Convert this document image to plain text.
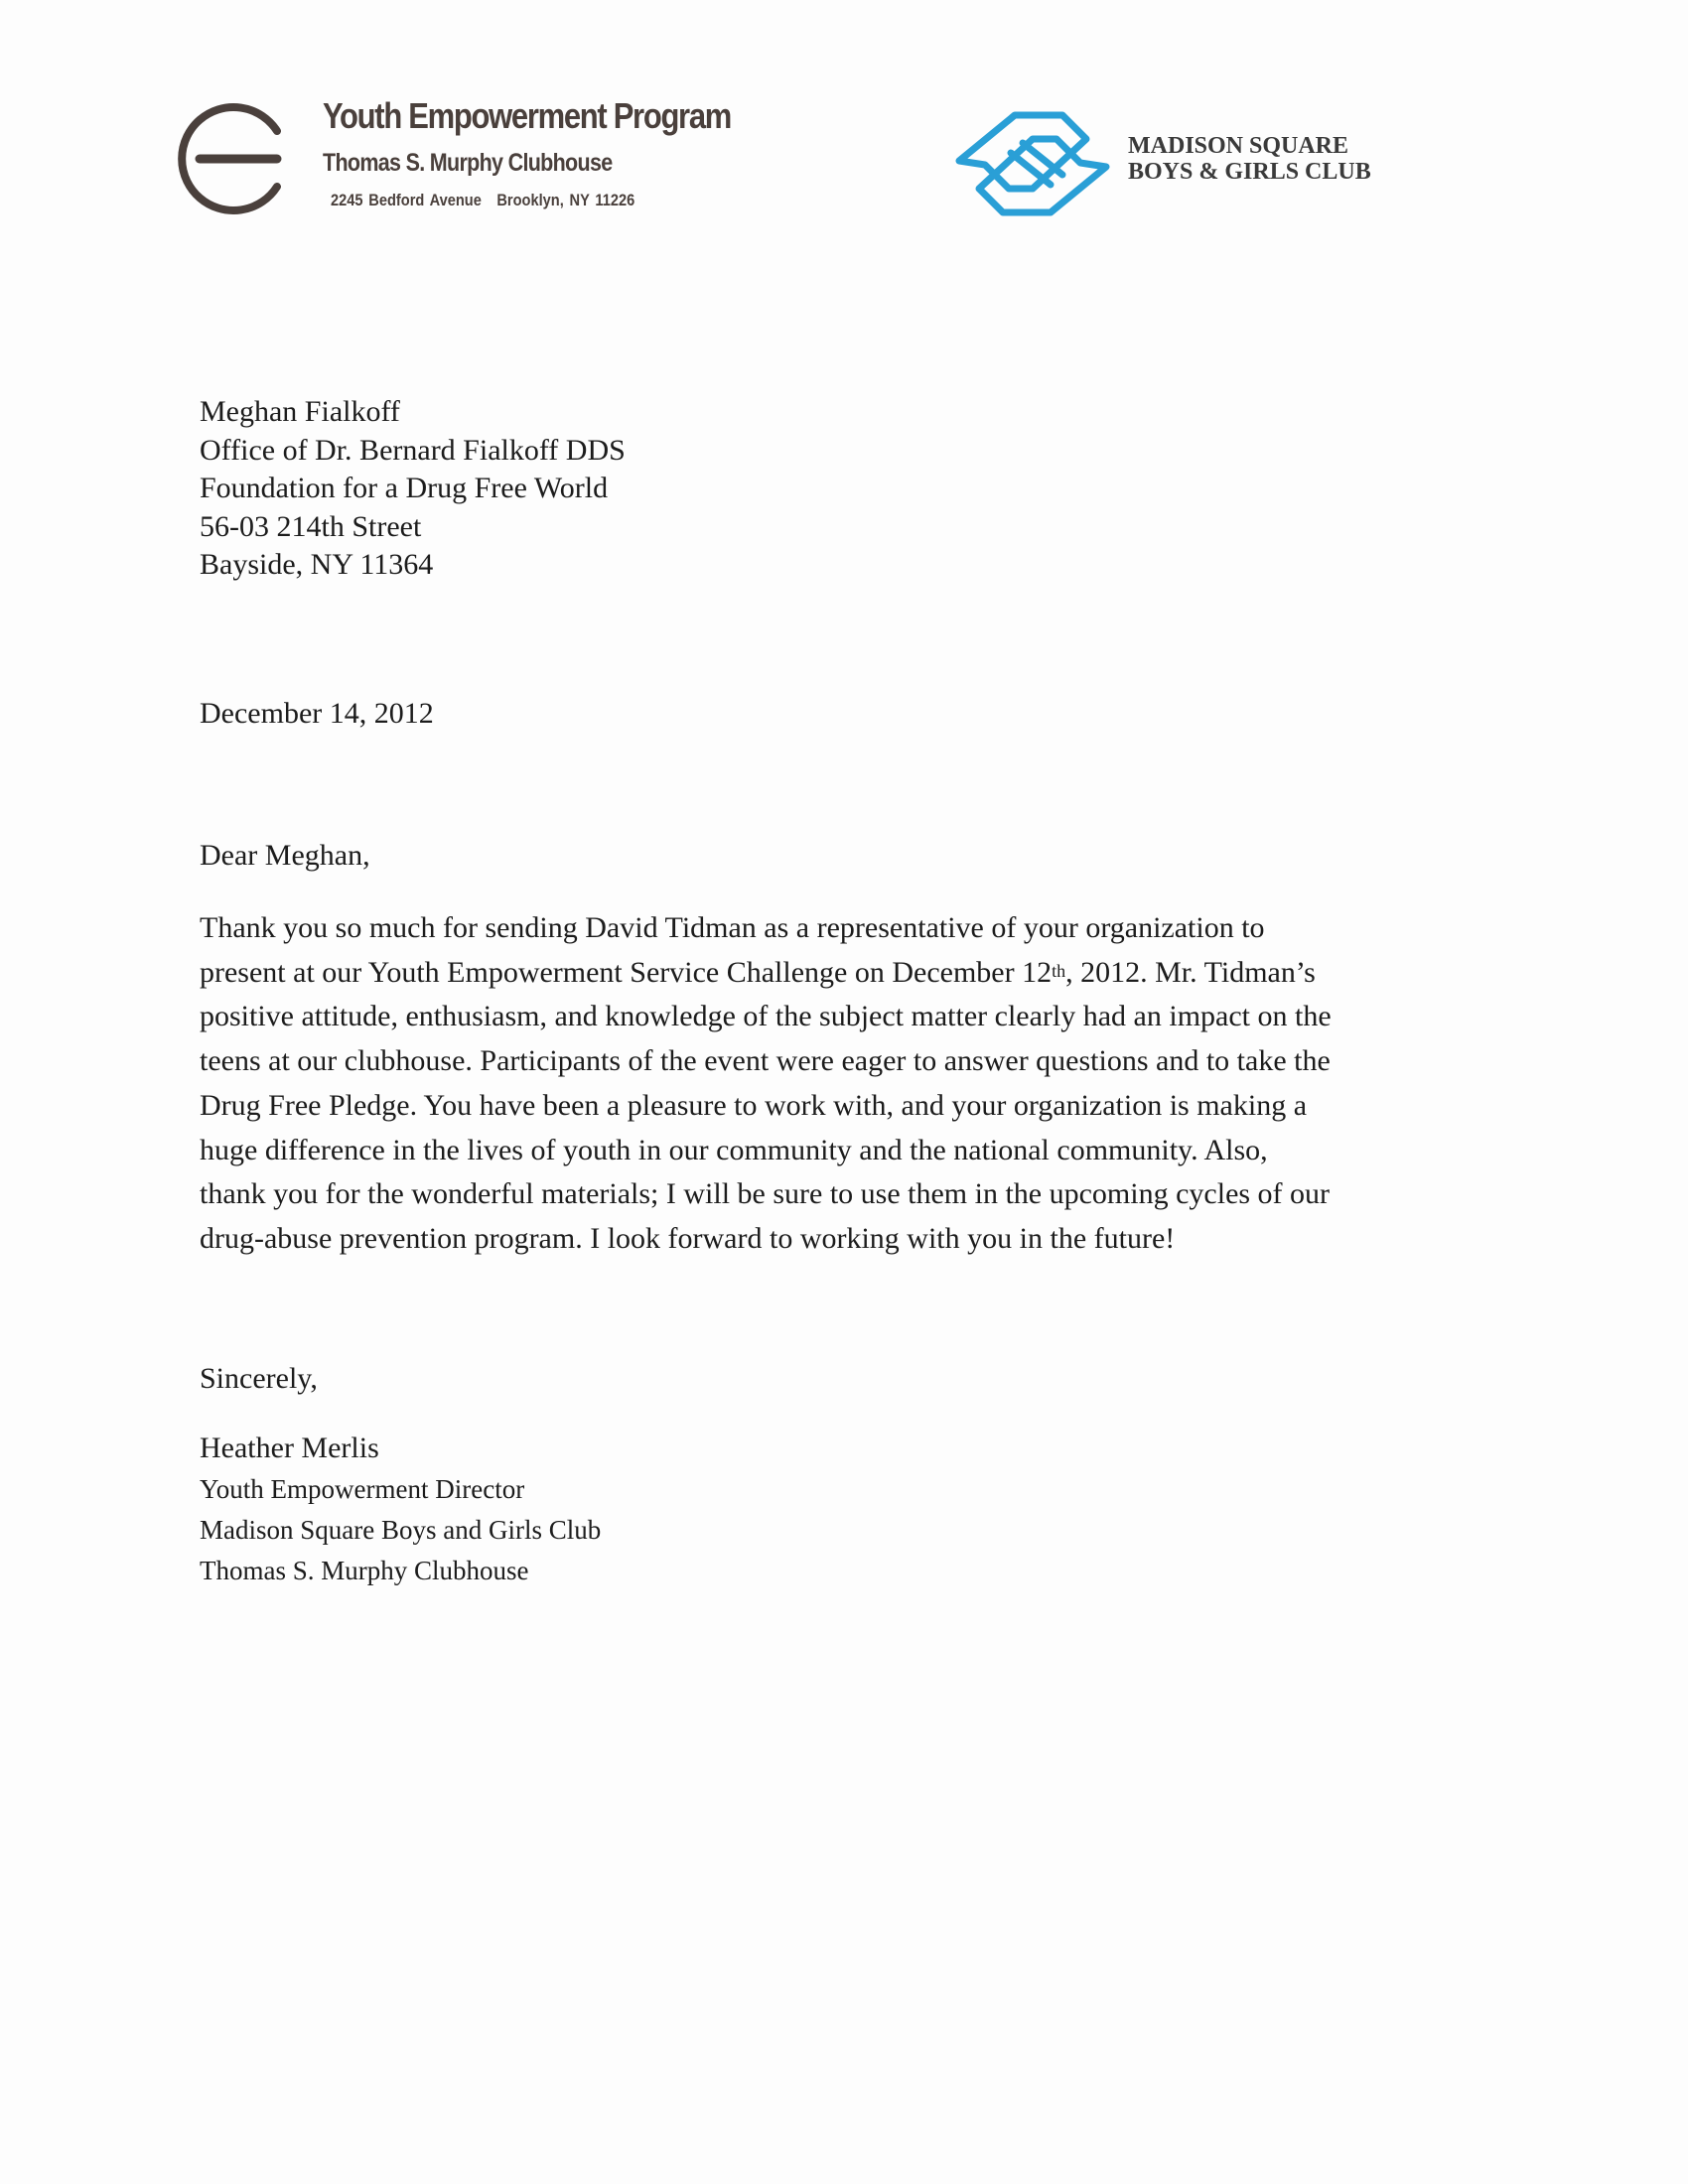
Youth Empowerment Program
Thomas S. Murphy Clubhouse
2245 Bedford Avenue Brooklyn, NY 11226
MADISON SQUARE
BOYS & GIRLS CLUB
Meghan Fialkoff
Office of Dr. Bernard Fialkoff DDS
Foundation for a Drug Free World
56-03 214th Street
Bayside, NY 11364
December 14, 2012
Dear Meghan,
Thank you so much for sending David Tidman as a representative of your organization to
present at our Youth Empowerment Service Challenge on December 12th, 2012. Mr. Tidman’s
positive attitude, enthusiasm, and knowledge of the subject matter clearly had an impact on the
teens at our clubhouse. Participants of the event were eager to answer questions and to take the
Drug Free Pledge. You have been a pleasure to work with, and your organization is making a
huge difference in the lives of youth in our community and the national community. Also,
thank you for the wonderful materials; I will be sure to use them in the upcoming cycles of our
drug-abuse prevention program. I look forward to working with you in the future!
Sincerely,
Heather Merlis
Youth Empowerment Director
Madison Square Boys and Girls Club
Thomas S. Murphy Clubhouse
